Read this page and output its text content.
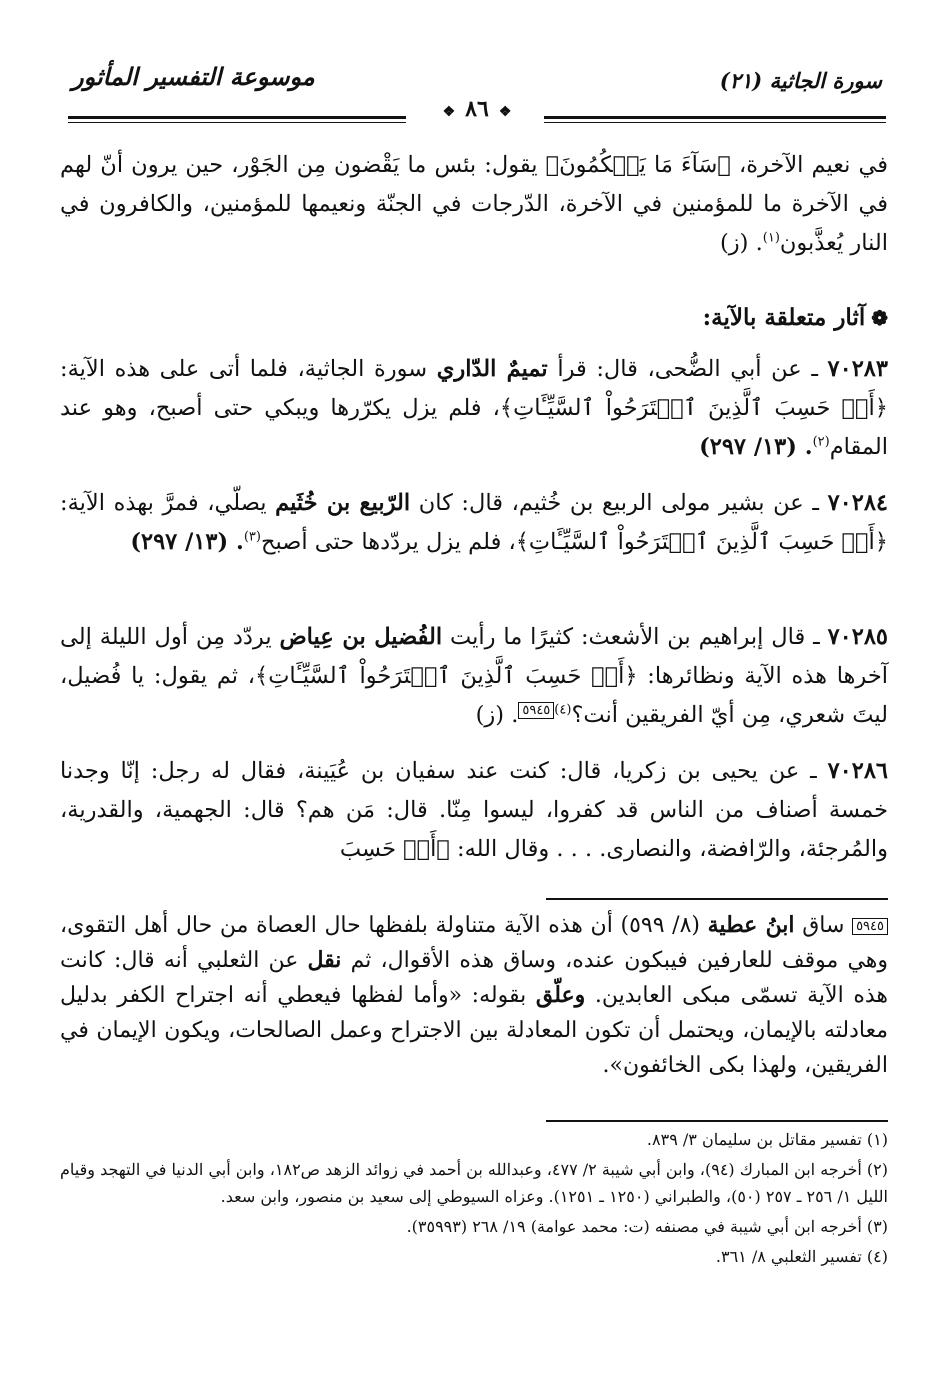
سورة الجاثية (٢١)
موسوعة التفسير المأثور
❖ ٨٦ ❖

في نعيم الآخرة، ﴿سَآءَ مَا يَحۡكُمُونَ﴾ يقول: بئس ما يَقْضون مِن الجَوْر، حين يرون أنّ لهم في الآخرة ما للمؤمنين في الآخرة، الدّرجات في الجنّة ونعيمها للمؤمنين، والكافرون في النار يُعذَّبون$^{(١)}$. (ز)

❁آثار متعلقة بالآية:

٧٠٢٨٣ ـ عن أبي الضُّحى، قال: قرأ تميمٌ الدّاري سورة الجاثية، فلما أتى على هذه الآية: ﴿أَمۡ حَسِبَ ٱلَّذِينَ ٱجۡتَرَحُواْ ٱلسَّيِّـَٔاتِ﴾، فلم يزل يكرّرها ويبكي حتى أصبح، وهو عند المقام$^{(٢)}$. (١٣/ ٢٩٧)

٧٠٢٨٤ ـ عن بشير مولى الربيع بن خُثيم، قال: كان الرّبيع بن خُثَيم يصلّي، فمرَّ بهذه الآية: ﴿أَمۡ حَسِبَ ٱلَّذِينَ ٱجۡتَرَحُواْ ٱلسَّيِّـَٔاتِ﴾، فلم يزل يردّدها حتى أصبح$^{(٣)}$. (١٣/ ٢٩٧)

٧٠٢٨٥ ـ قال إبراهيم بن الأشعث: كثيرًا ما رأيت الفُضيل بن عِياض يردّد مِن أول الليلة إلى آخرها هذه الآية ونظائرها: ﴿أَمۡ حَسِبَ ٱلَّذِينَ ٱجۡتَرَحُواْ ٱلسَّيِّـَٔاتِ﴾، ثم يقول: يا فُضيل، ليتَ شعري، مِن أيّ الفريقين أنت؟$^{(٤)}$٥٩٤٥. (ز)

٧٠٢٨٦ ـ عن يحيى بن زكريا، قال: كنت عند سفيان بن عُيَينة، فقال له رجل: إنّا وجدنا خمسة أصناف من الناس قد كفروا، ليسوا مِنّا. قال: مَن هم؟ قال: الجهمية، والقدرية، والمُرجئة، والرّافضة، والنصارى. . . . وقال الله: ﴿أَمۡ حَسِبَ

٥٩٤٥ ساق ابنُ عطية (٨/ ٥٩٩) أن هذه الآية متناولة بلفظها حال العصاة من حال أهل التقوى، وهي موقف للعارفين فيبكون عنده، وساق هذه الأقوال، ثم نقل عن الثعلبي أنه قال: كانت هذه الآية تسمّى مبكى العابدين. وعلّق بقوله: «وأما لفظها فيعطي أنه اجتراح الكفر بدليل معادلته بالإيمان، ويحتمل أن تكون المعادلة بين الاجتراح وعمل الصالحات، ويكون الإيمان في الفريقين، ولهذا بكى الخائفون».

(١) تفسير مقاتل بن سليمان ٣/ ٨٣٩.

(٢) أخرجه ابن المبارك (٩٤)، وابن أبي شيبة ٢/ ٤٧٧، وعبدالله بن أحمد في زوائد الزهد ص١٨٢، وابن أبي الدنيا في التهجد وقيام الليل ١/ ٢٥٦ ـ ٢٥٧ (٥٠)، والطبراني (١٢٥٠ ـ ١٢٥١). وعزاه السيوطي إلى سعيد بن منصور، وابن سعد.

(٣) أخرجه ابن أبي شيبة في مصنفه (ت: محمد عوامة) ١٩/ ٢٦٨ (٣٥٩٩٣).

(٤) تفسير الثعلبي ٨/ ٣٦١.
